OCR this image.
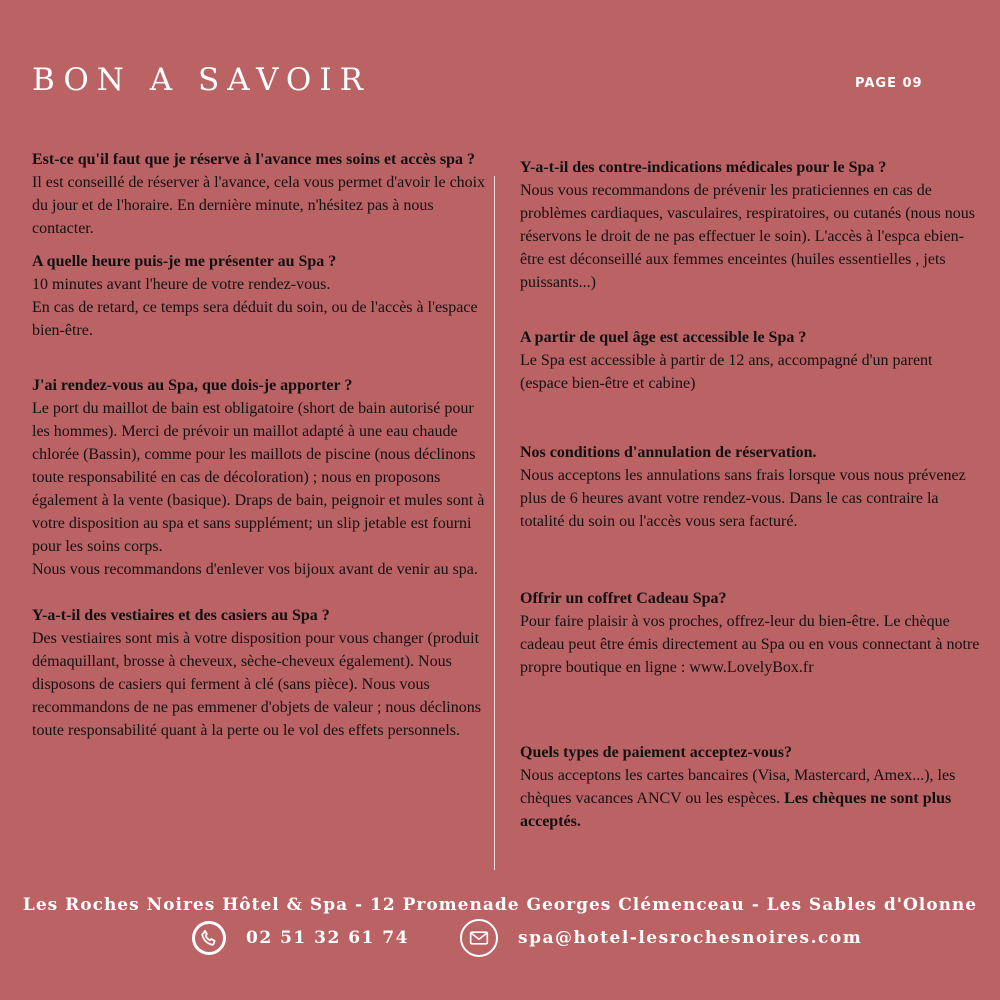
BON A SAVOIR	PAGE 09
Est-ce qu'il faut que je réserve à l'avance mes soins et accès spa ?
Il est conseillé de réserver à l'avance, cela vous permet d'avoir le choix du jour et de l'horaire. En dernière minute, n'hésitez pas à nous contacter.
A quelle heure puis-je me présenter au Spa ?
10 minutes avant l'heure de votre rendez-vous.
En cas de retard, ce temps sera déduit du soin, ou de l'accès à l'espace bien-être.
J'ai rendez-vous au Spa, que dois-je apporter ?
Le port du maillot de bain est obligatoire (short de bain autorisé pour les hommes). Merci de prévoir un maillot adapté à une eau chaude chlorée (Bassin), comme pour les maillots de piscine (nous déclinons toute responsabilité en cas de décoloration) ; nous en proposons également à la vente (basique). Draps de bain, peignoir et mules sont à votre disposition au spa et sans supplément; un slip jetable est fourni pour les soins corps.
Nous vous recommandons d'enlever vos bijoux avant de venir au spa.
Y-a-t-il des vestiaires et des casiers au Spa ?
Des vestiaires sont mis à votre disposition pour vous changer (produit démaquillant, brosse à cheveux, sèche-cheveux également). Nous disposons de casiers qui ferment à clé (sans pièce). Nous vous recommandons de ne pas emmener d'objets de valeur ; nous déclinons toute responsabilité quant à la perte ou le vol des effets personnels.
Y-a-t-il des contre-indications médicales pour le Spa ?
Nous vous recommandons de prévenir les praticiennes en cas de problèmes cardiaques, vasculaires, respiratoires, ou cutanés (nous nous réservons le droit de ne pas effectuer le soin). L'accès à l'espca ebien-être est déconseillé aux femmes enceintes (huiles essentielles , jets puissants...)
A partir de quel âge est accessible le Spa ?
Le Spa est accessible à partir de 12 ans, accompagné d'un parent (espace bien-être et cabine)
Nos conditions d'annulation de réservation.
Nous acceptons les annulations sans frais lorsque vous nous prévenez plus de 6 heures avant votre rendez-vous. Dans le cas contraire la totalité du soin ou l'accès vous sera facturé.
Offrir un coffret Cadeau Spa?
Pour faire plaisir à vos proches, offrez-leur du bien-être. Le chèque cadeau peut être émis directement au Spa ou en vous connectant à notre propre boutique en ligne : www.LovelyBox.fr
Quels types de paiement acceptez-vous?
Nous acceptons les cartes bancaires (Visa, Mastercard, Amex...), les chèques vacances ANCV ou les espèces. Les chèques ne sont plus acceptés.
Les Roches Noires Hôtel & Spa - 12 Promenade Georges Clémenceau - Les Sables d'Olonne
02 51 32 61 74	spa@hotel-lesrochesnoires.com
